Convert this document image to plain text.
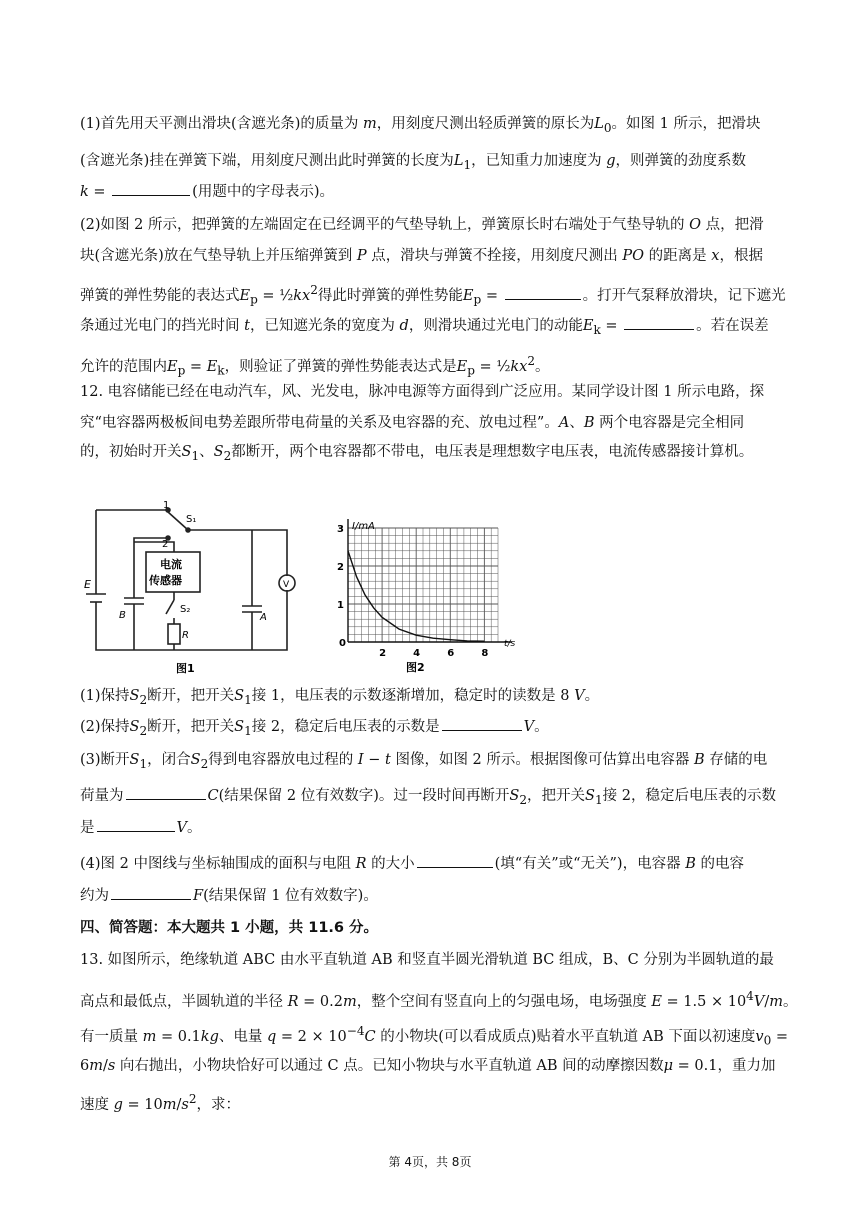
(1)首先用天平测出滑块(含遮光条)的质量为 m，用刻度尺测出轻质弹簧的原长为$L_0$。如图 1 所示，把滑块
(含遮光条)挂在弹簧下端，用刻度尺测出此时弹簧的长度为$L_1$，已知重力加速度为 g，则弹簧的劲度系数
k =	(用题中的字母表示)。
(2)如图 2 所示，把弹簧的左端固定在已经调平的气垫导轨上，弹簧原长时右端处于气垫导轨的 O 点，把滑
块(含遮光条)放在气垫导轨上并压缩弹簧到 P 点，滑块与弹簧不拴接，用刻度尺测出 PO 的距离是 x，根据
弹簧的弹性势能的表达式$E_p$ = $\frac{1}{2}kx^2$得此时弹簧的弹性势能$E_p$ =	。打开气泵释放滑块，记下遮光
条通过光电门的挡光时间 t，已知遮光条的宽度为 d，则滑块通过光电门的动能$E_k$ =	。若在误差
允许的范围内$E_p = E_k$，则验证了弹簧的弹性势能表达式是$E_p$ = $\frac{1}{2}kx^2$。
12. 电容储能已经在电动汽车，风、光发电，脉冲电源等方面得到广泛应用。某同学设计图 1 所示电路，探
究“电容器两极板间电势差跟所带电荷量的关系及电容器的充、放电过程”。A、B 两个电容器是完全相同
的，初始时开关$S_1$、$S_2$都断开，两个电容器都不带电，电压表是理想数字电压表，电流传感器接计算机。
1
2
S₁
S₂
E
B
R
A
V
电流
传感器
图1
2	4	6	8
1
2
3 I/mA
t/s
0
图2
(1)保持$S_2$断开，把开关$S_1$接 1，电压表的示数逐渐增加，稳定时的读数是 8 V。
(2)保持$S_2$断开，把开关$S_1$接 2，稳定后电压表的示数是	V。
(3)断开$S_1$，闭合$S_2$得到电容器放电过程的 I − t 图像，如图 2 所示。根据图像可估算出电容器 B 存储的电
荷量为	C(结果保留 2 位有效数字)。过一段时间再断开$S_2$，把开关$S_1$接 2，稳定后电压表的示数
是	V。
(4)图 2 中图线与坐标轴围成的面积与电阻 R 的大小	(填“有关”或“无关”)，电容器 B 的电容
约为	F(结果保留 1 位有效数字)。
四、简答题：本大题共 1 小题，共 11.6 分。
13. 如图所示，绝缘轨道 ABC 由水平直轨道 AB 和竖直半圆光滑轨道 BC 组成，B、C 分别为半圆轨道的最
高点和最低点，半圆轨道的半径 R = 0.2m，整个空间有竖直向上的匀强电场，电场强度 $E = 1.5 \times 10^4V/m$。
有一质量 m = 0.1kg、电量 $q = 2 \times 10^{-4}C$ 的小物块(可以看成质点)贴着水平直轨道 AB 下面以初速度$v_0$ =
6m/s 向右抛出，小物块恰好可以通过 C 点。已知小物块与水平直轨道 AB 间的动摩擦因数μ = 0.1，重力加
速度 $g = 10m/s^2$，求：
第 4页，共 8页
